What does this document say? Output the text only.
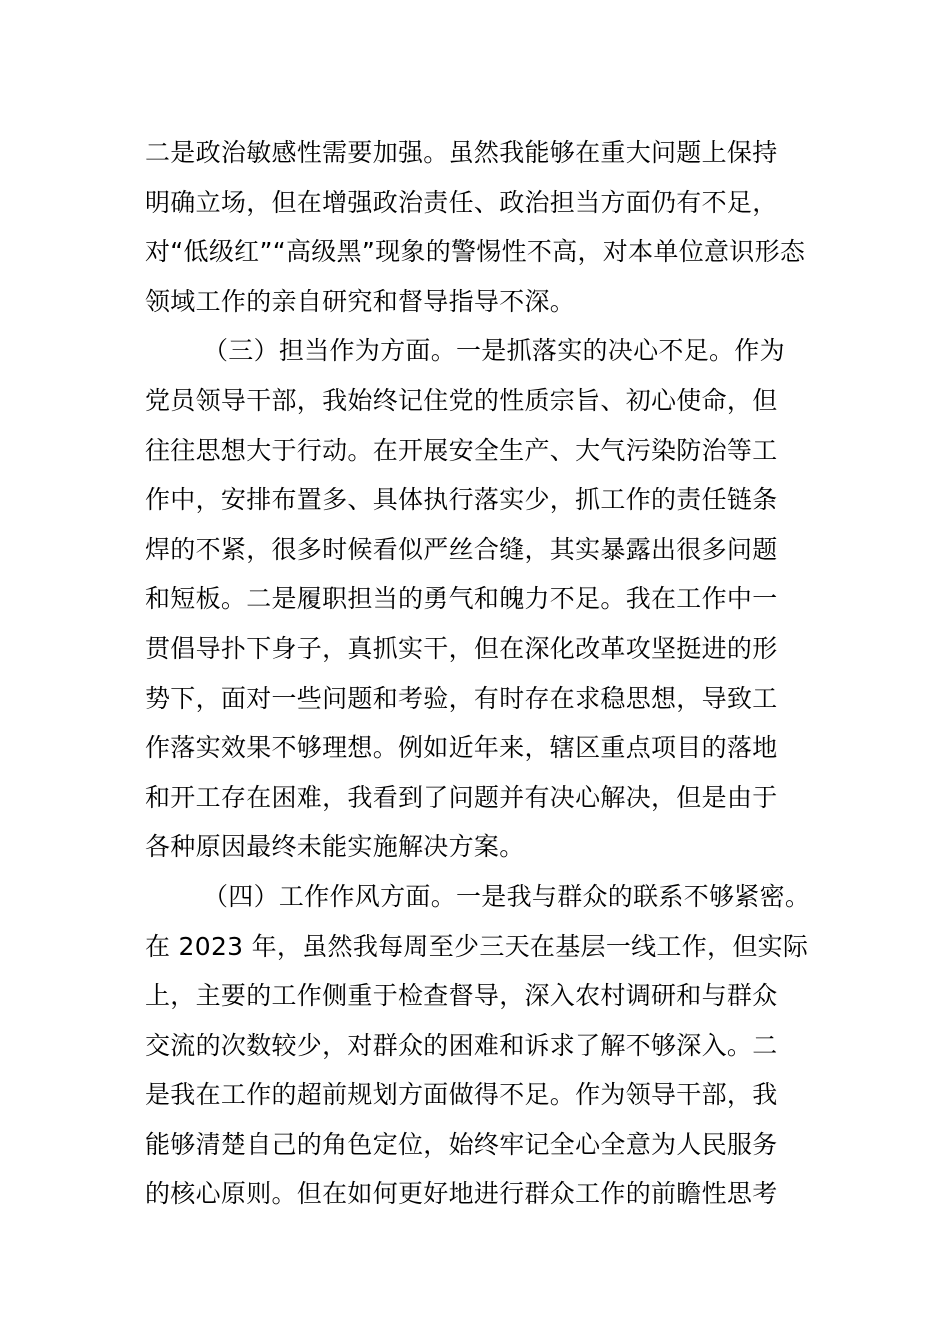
二是政治敏感性需要加强。虽然我能够在重大问题上保持
明确立场，但在增强政治责任、政治担当方面仍有不足，
对“低级红”“高级黑”现象的警惕性不高，对本单位意识形态
领域工作的亲自研究和督导指导不深。
（三）担当作为方面。一是抓落实的决心不足。作为
党员领导干部，我始终记住党的性质宗旨、初心使命，但
往往思想大于行动。在开展安全生产、大气污染防治等工
作中，安排布置多、具体执行落实少，抓工作的责任链条
焊的不紧，很多时候看似严丝合缝，其实暴露出很多问题
和短板。二是履职担当的勇气和魄力不足。我在工作中一
贯倡导扑下身子，真抓实干，但在深化改革攻坚挺进的形
势下，面对一些问题和考验，有时存在求稳思想，导致工
作落实效果不够理想。例如近年来，辖区重点项目的落地
和开工存在困难，我看到了问题并有决心解决，但是由于
各种原因最终未能实施解决方案。
（四）工作作风方面。一是我与群众的联系不够紧密。
在 2023 年，虽然我每周至少三天在基层一线工作，但实际
上，主要的工作侧重于检查督导，深入农村调研和与群众
交流的次数较少，对群众的困难和诉求了解不够深入。二
是我在工作的超前规划方面做得不足。作为领导干部，我
能够清楚自己的角色定位，始终牢记全心全意为人民服务
的核心原则。但在如何更好地进行群众工作的前瞻性思考
